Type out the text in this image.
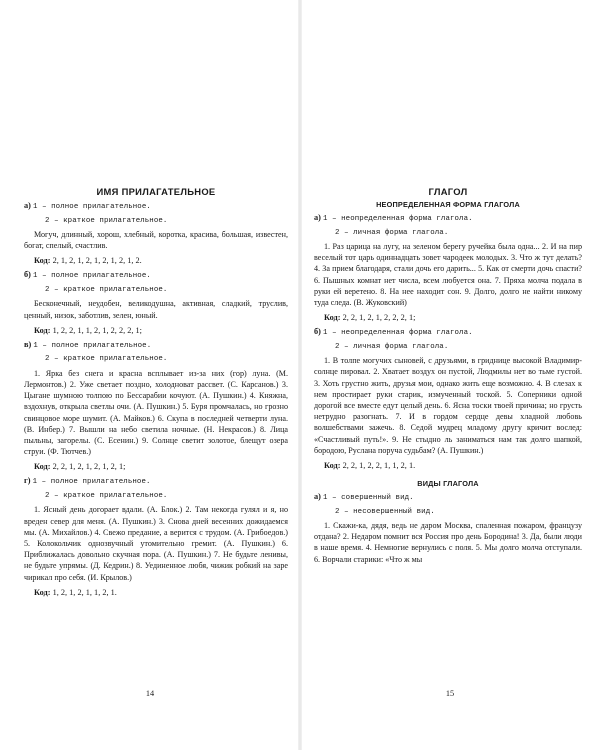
ИМЯ ПРИЛАГАТЕЛЬНОЕ

а) 1 – полное прилагательное.

2 – краткое прилагательное.

Могуч, длинный, хорош, хлебный, коротка, красива, большая, известен, богат, спелый, счастлив.

Код: 2, 1, 2, 1, 2, 1, 2, 1, 2, 1, 2.

б) 1 – полное прилагательное.

2 – краткое прилагательное.

Бесконечный, неудобен, великодушна, активная, сладкий, труслив, ценный, низок, заботлив, зелен, юный.

Код: 1, 2, 2, 1, 1, 2, 1, 2, 2, 2, 1;

в) 1 – полное прилагательное.

2 – краткое прилагательное.

1. Ярка без снега и красна всплывает из-за них (гор) луна. (М. Лермонтов.) 2. Уже светает поздно, холодноват рассвет. (С. Карсанов.) 3. Цыгане шумною толпою по Бессарабии кочуют. (А. Пушкин.) 4. Княжна, вздохнув, открыла светлы очи. (А. Пушкин.) 5. Буря промчалась, но грозно свинцовое море шумит. (А. Майков.) 6. Скупа в последней четверти луна. (В. Инбер.) 7. Вышли на небо светила ночные. (Н. Некрасов.) 8. Лица пыльны, загорелы. (С. Есенин.) 9. Солнце светит золотое, блещут озера струи. (Ф. Тютчев.)

Код: 2, 2, 1, 2, 1, 2, 1, 2, 1;

г) 1 – полное прилагательное.

2 – краткое прилагательное.

1. Ясный день догорает вдали. (А. Блок.) 2. Там некогда гулял и я, но вреден север для меня. (А. Пушкин.) 3. Снова дней весенних дожидаемся мы. (А. Михайлов.) 4. Свежо предание, а верится с трудом. (А. Грибоедов.) 5. Колокольчик однозвучный утомительно гремит. (А. Пушкин.) 6. Приближалась довольно скучная пора. (А. Пушкин.) 7. Не будьте ленивы, не будьте упрямы. (Д. Кедрин.) 8. Уединенное любя, чижик робкий на заре чирикал про себя. (И. Крылов.)

Код: 1, 2, 1, 2, 1, 1, 2, 1.

14
ГЛАГОЛ
НЕОПРЕДЕЛЕННАЯ ФОРМА ГЛАГОЛА

а) 1 – неопределенная форма глагола.

2 – личная форма глагола.

1. Раз царица на лугу, на зеленом берегу ручейка была одна... 2. И на пир веселый тот царь одиннадцать зовет чародеек молодых. 3. Что ж тут делать? 4. За прием благодаря, стали дочь его дарить... 5. Как от смерти дочь спасти? 6. Пышных комнат нет числа, всем любуется она. 7. Пряха молча подала в руки ей веретено. 8. На нее находит сон. 9. Долго, долго не найти никому туда следа. (В. Жуковский)

Код: 2, 2, 1, 2, 1, 2, 2, 2, 1;

б) 1 – неопределенная форма глагола.

2 – личная форма глагола.

1. В толпе могучих сыновей, с друзьями, в гриднице высокой Владимир-солнце пировал. 2. Хватает воздух он пустой, Людмилы нет во тьме густой. 3. Хоть грустно жить, друзья мои, однако жить еще возможно. 4. В слезах к нем простирает руки старик, измученный тоской. 5. Соперники одной дорогой все вместе едут целый день. 6. Ясна тоски твоей причина; но грусть нетрудно разогнать. 7. И в гордом сердце девы хладной любовь волшебствами зажечь. 8. Седой мудрец младому другу кричит вослед: «Счастливый путь!». 9. Не стыдно ль заниматься нам так долго шапкой, бородою, Руслана поруча судьбам? (А. Пушкин.)

Код: 2, 2, 1, 2, 2, 1, 1, 2, 1.

ВИДЫ ГЛАГОЛА

а) 1 – совершенный вид.

2 – несовершенный вид.

1. Скажи-ка, дядя, ведь не даром Москва, спаленная пожаром, французу отдана? 2. Недаром помнит вся Россия про день Бородина! 3. Да, были люди в наше время. 4. Немногие вернулись с поля. 5. Мы долго молча отступали. 6. Ворчали старики: «Что ж мы

15
